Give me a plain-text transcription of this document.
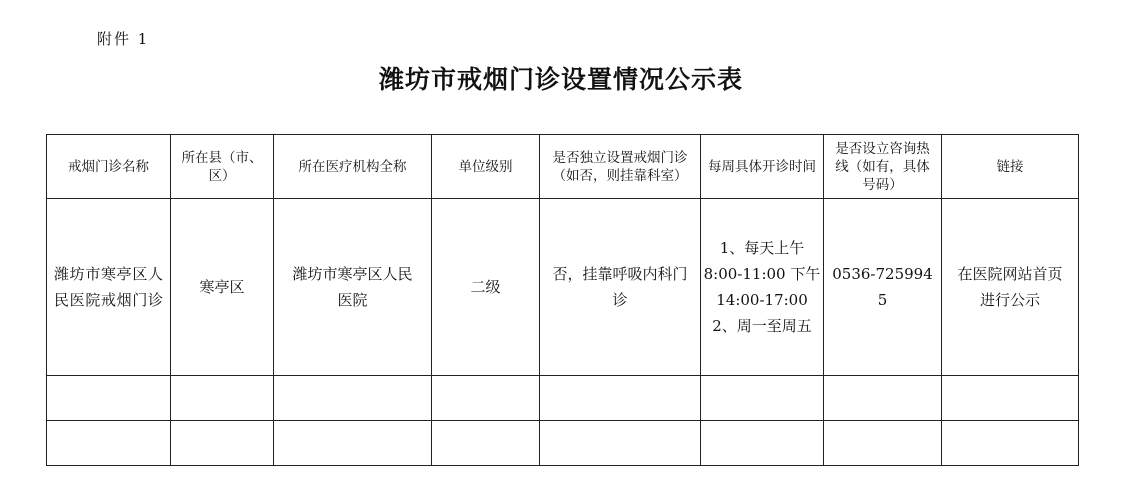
附件 1
潍坊市戒烟门诊设置情况公示表
戒烟门诊名称	所在县（市、区）	所在医疗机构全称	单位级别	是否独立设置戒烟门诊（如否，则挂靠科室）	每周具体开诊时间	是否设立咨询热线（如有，具体号码）	链接
潍坊市寒亭区人民医院戒烟门诊	寒亭区	潍坊市寒亭区人民医院	二级	否，挂靠呼吸内科门诊	1、每天上午 8:00-11:00 下午 14:00-17:00 2、周一至周五	0536-7259945	在医院网站首页进行公示
